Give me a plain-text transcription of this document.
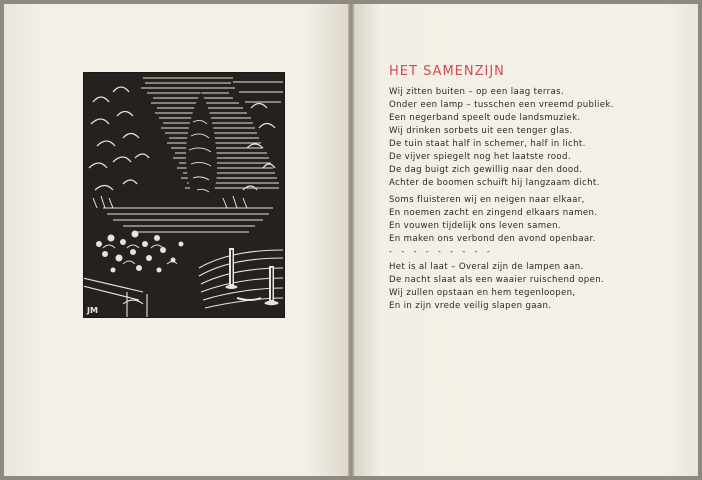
JM
HET SAMENZIJN

Wij zitten buiten – op een laag terras.
Onder een lamp – tusschen een vreemd publiek.
Een negerband speelt oude landsmuziek.
Wij drinken sorbets uit een tenger glas.

De tuin staat half in schemer, half in licht.
De vijver spiegelt nog het laatste rood.
De dag buigt zich gewillig naar den dood.
Achter de boomen schuift hij langzaam dicht.

Soms fluisteren wij en neigen naar elkaar,
En noemen zacht en zingend elkaars namen.
En vouwen tijdelijk ons leven samen.
En maken ons verbond den avond openbaar.

- - - - - - - - -

Het is al laat – Overal zijn de lampen aan.
De nacht slaat als een waaier ruischend open.
Wij zullen opstaan en hem tegenloopen,
En in zijn vrede veilig slapen gaan.
